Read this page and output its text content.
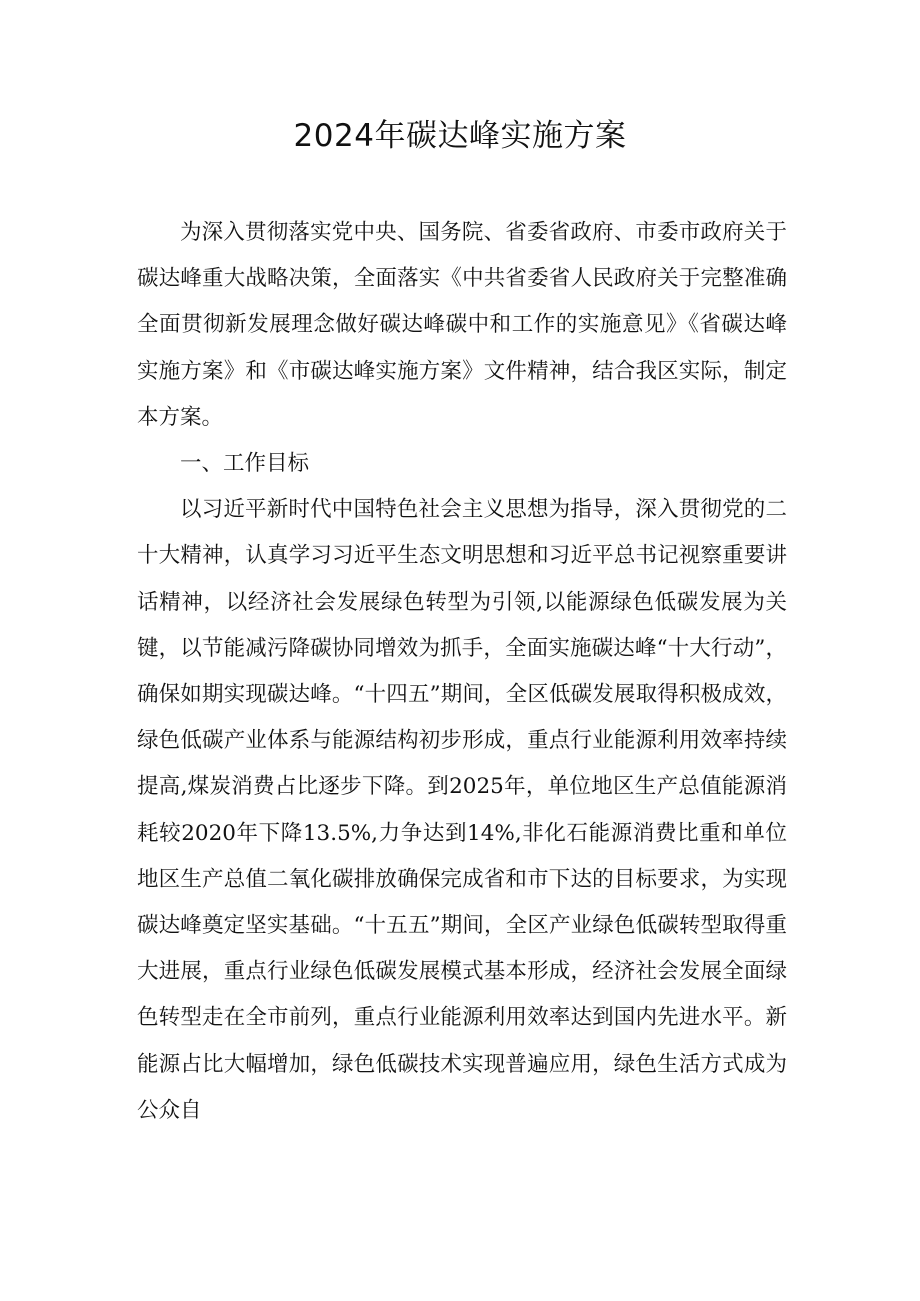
2024年碳达峰实施方案

为深入贯彻落实党中央、国务院、省委省政府、市委市政府关于碳达峰重大战略决策，全面落实《中共省委省人民政府关于完整准确全面贯彻新发展理念做好碳达峰碳中和工作的实施意见》《省碳达峰实施方案》和《市碳达峰实施方案》文件精神，结合我区实际，制定本方案。

一、工作目标

以习近平新时代中国特色社会主义思想为指导，深入贯彻党的二十大精神，认真学习习近平生态文明思想和习近平总书记视察重要讲话精神，以经济社会发展绿色转型为引领,以能源绿色低碳发展为关键，以节能减污降碳协同增效为抓手，全面实施碳达峰“十大行动”，确保如期实现碳达峰。“十四五”期间，全区低碳发展取得积极成效，绿色低碳产业体系与能源结构初步形成，重点行业能源利用效率持续提高,煤炭消费占比逐步下降。到2025年，单位地区生产总值能源消耗较2020年下降13.5%,力争达到14%,非化石能源消费比重和单位地区生产总值二氧化碳排放确保完成省和市下达的目标要求，为实现碳达峰奠定坚实基础。“十五五”期间，全区产业绿色低碳转型取得重大进展，重点行业绿色低碳发展模式基本形成，经济社会发展全面绿色转型走在全市前列，重点行业能源利用效率达到国内先进水平。新能源占比大幅增加，绿色低碳技术实现普遍应用，绿色生活方式成为公众自
